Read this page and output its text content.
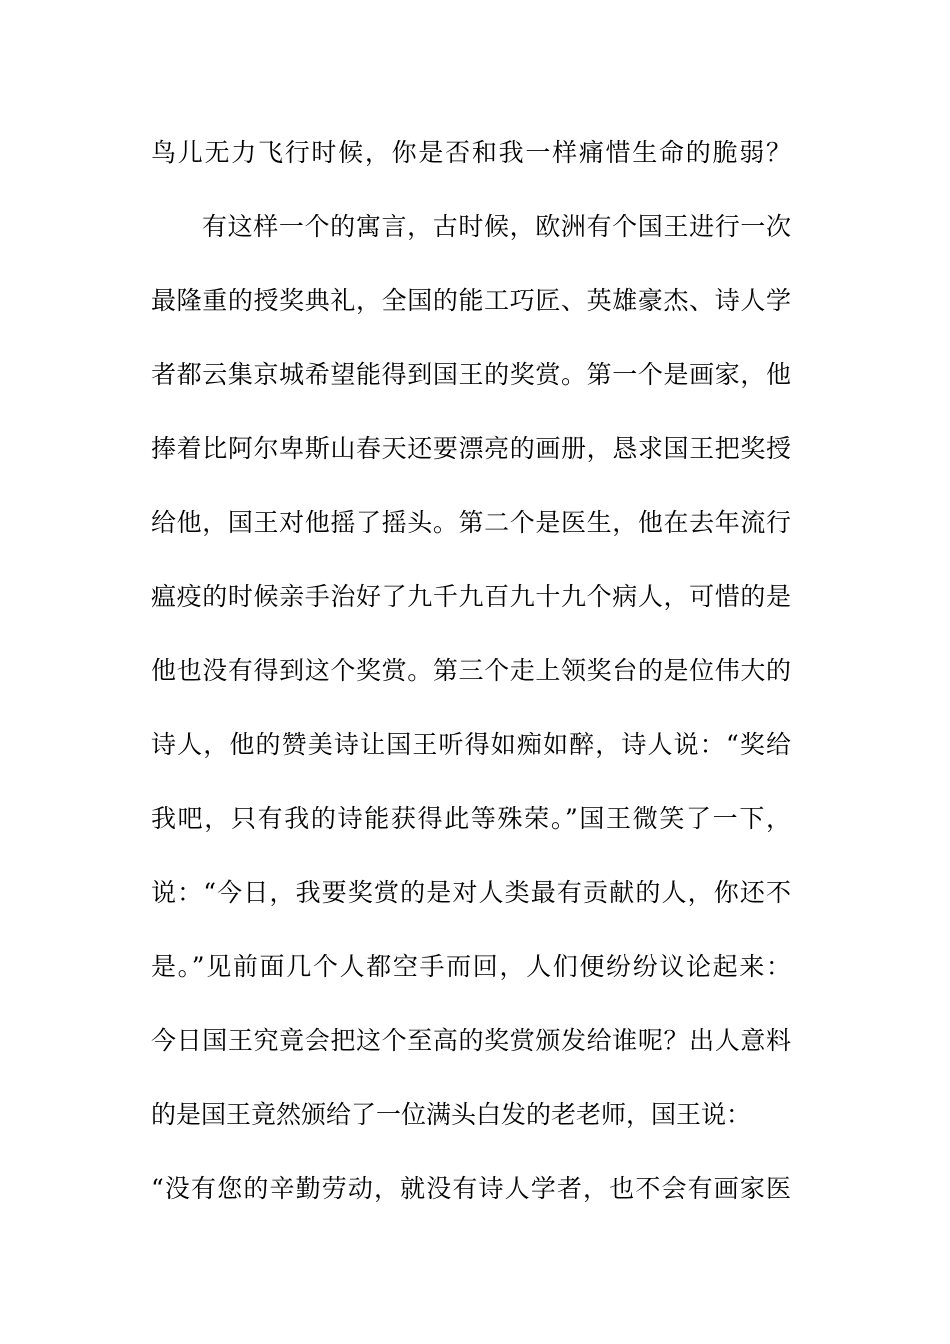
鸟儿无力飞行时候，你是否和我一样痛惜生命的脆弱？
有这样一个的寓言，古时候，欧洲有个国王进行一次
最隆重的授奖典礼，全国的能工巧匠、英雄豪杰、诗人学
者都云集京城希望能得到国王的奖赏。第一个是画家，他
捧着比阿尔卑斯山春天还要漂亮的画册，恳求国王把奖授
给他，国王对他摇了摇头。第二个是医生，他在去年流行
瘟疫的时候亲手治好了九千九百九十九个病人，可惜的是
他也没有得到这个奖赏。第三个走上领奖台的是位伟大的
诗人，他的赞美诗让国王听得如痴如醉，诗人说：“奖给
我吧，只有我的诗能获得此等殊荣。”国王微笑了一下，
说：“今日，我要奖赏的是对人类最有贡献的人，你还不
是。”见前面几个人都空手而回，人们便纷纷议论起来：
今日国王究竟会把这个至高的奖赏颁发给谁呢？出人意料
的是国王竟然颁给了一位满头白发的老老师，国王说：
“没有您的辛勤劳动，就没有诗人学者，也不会有画家医
